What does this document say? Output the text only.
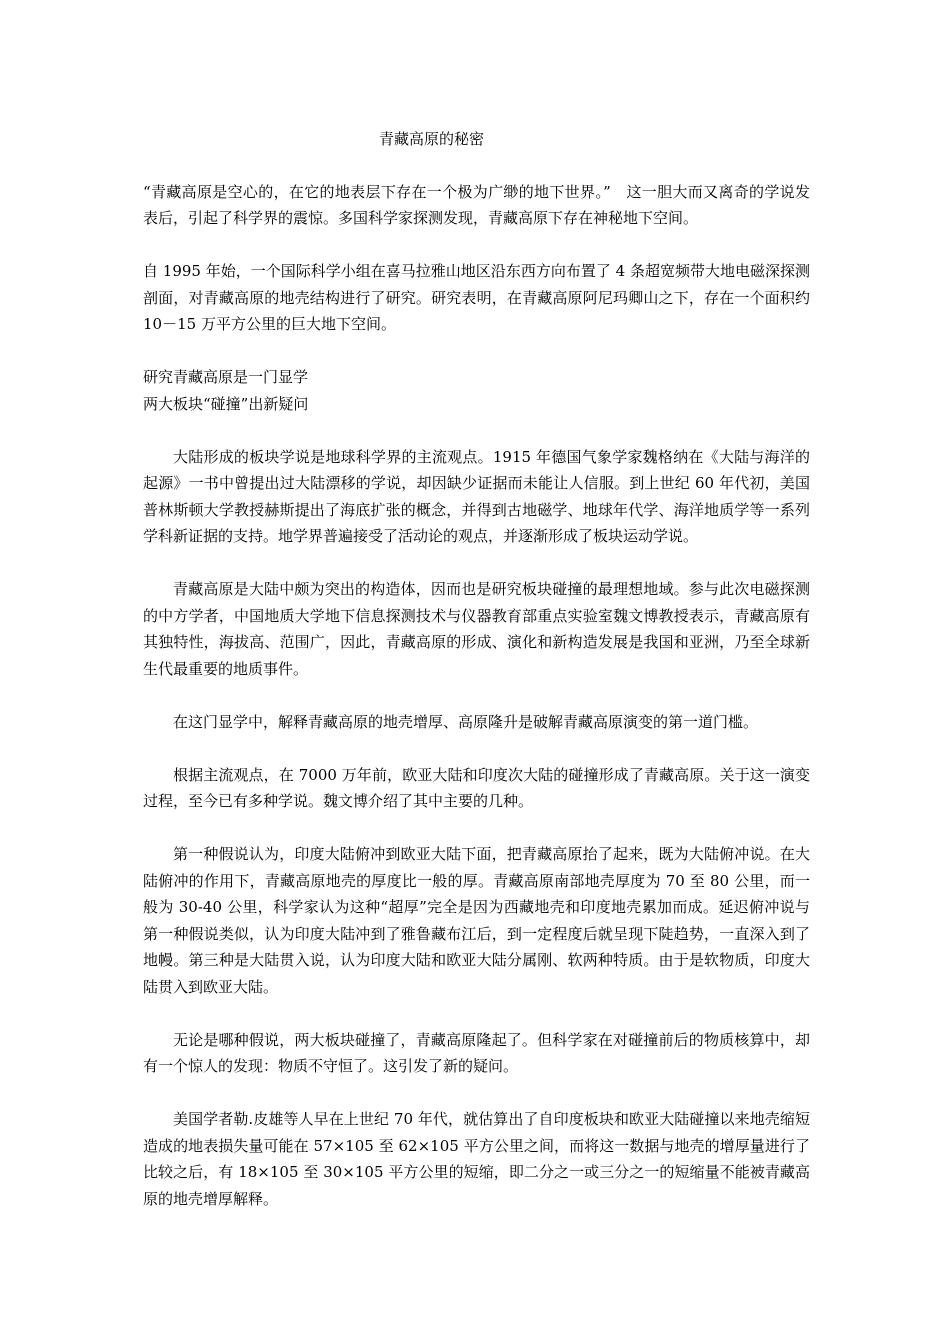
青藏高原的秘密

“青藏高原是空心的，在它的地表层下存在一个极为广缈的地下世界。”　这一胆大而又离奇的学说发表后，引起了科学界的震惊。多国科学家探测发现，青藏高原下存在神秘地下空间。

自 1995 年始，一个国际科学小组在喜马拉雅山地区沿东西方向布置了 4 条超宽频带大地电磁深探测剖面，对青藏高原的地壳结构进行了研究。研究表明，在青藏高原阿尼玛卿山之下，存在一个面积约 10－15 万平方公里的巨大地下空间。

研究青藏高原是一门显学
两大板块“碰撞”出新疑问

大陆形成的板块学说是地球科学界的主流观点。1915 年德国气象学家魏格纳在《大陆与海洋的起源》一书中曾提出过大陆漂移的学说，却因缺少证据而未能让人信服。到上世纪 60 年代初，美国普林斯顿大学教授赫斯提出了海底扩张的概念，并得到古地磁学、地球年代学、海洋地质学等一系列学科新证据的支持。地学界普遍接受了活动论的观点，并逐渐形成了板块运动学说。

青藏高原是大陆中颇为突出的构造体，因而也是研究板块碰撞的最理想地域。参与此次电磁探测的中方学者，中国地质大学地下信息探测技术与仪器教育部重点实验室魏文博教授表示，青藏高原有其独特性，海拔高、范围广，因此，青藏高原的形成、演化和新构造发展是我国和亚洲，乃至全球新生代最重要的地质事件。

在这门显学中，解释青藏高原的地壳增厚、高原隆升是破解青藏高原演变的第一道门槛。

根据主流观点，在 7000 万年前，欧亚大陆和印度次大陆的碰撞形成了青藏高原。关于这一演变过程，至今已有多种学说。魏文博介绍了其中主要的几种。

第一种假说认为，印度大陆俯冲到欧亚大陆下面，把青藏高原抬了起来，既为大陆俯冲说。在大陆俯冲的作用下，青藏高原地壳的厚度比一般的厚。青藏高原南部地壳厚度为 70 至 80 公里，而一般为 30-40 公里，科学家认为这种“超厚”完全是因为西藏地壳和印度地壳累加而成。延迟俯冲说与第一种假说类似，认为印度大陆冲到了雅鲁藏布江后，到一定程度后就呈现下陡趋势，一直深入到了地幔。第三种是大陆贯入说，认为印度大陆和欧亚大陆分属刚、软两种特质。由于是软物质，印度大陆贯入到欧亚大陆。

无论是哪种假说，两大板块碰撞了，青藏高原隆起了。但科学家在对碰撞前后的物质核算中，却有一个惊人的发现：物质不守恒了。这引发了新的疑问。

美国学者勒.皮雄等人早在上世纪 70 年代，就估算出了自印度板块和欧亚大陆碰撞以来地壳缩短造成的地表损失量可能在 57×105 至 62×105 平方公里之间，而将这一数据与地壳的增厚量进行了比较之后，有 18×105 至 30×105 平方公里的短缩，即二分之一或三分之一的短缩量不能被青藏高原的地壳增厚解释。
